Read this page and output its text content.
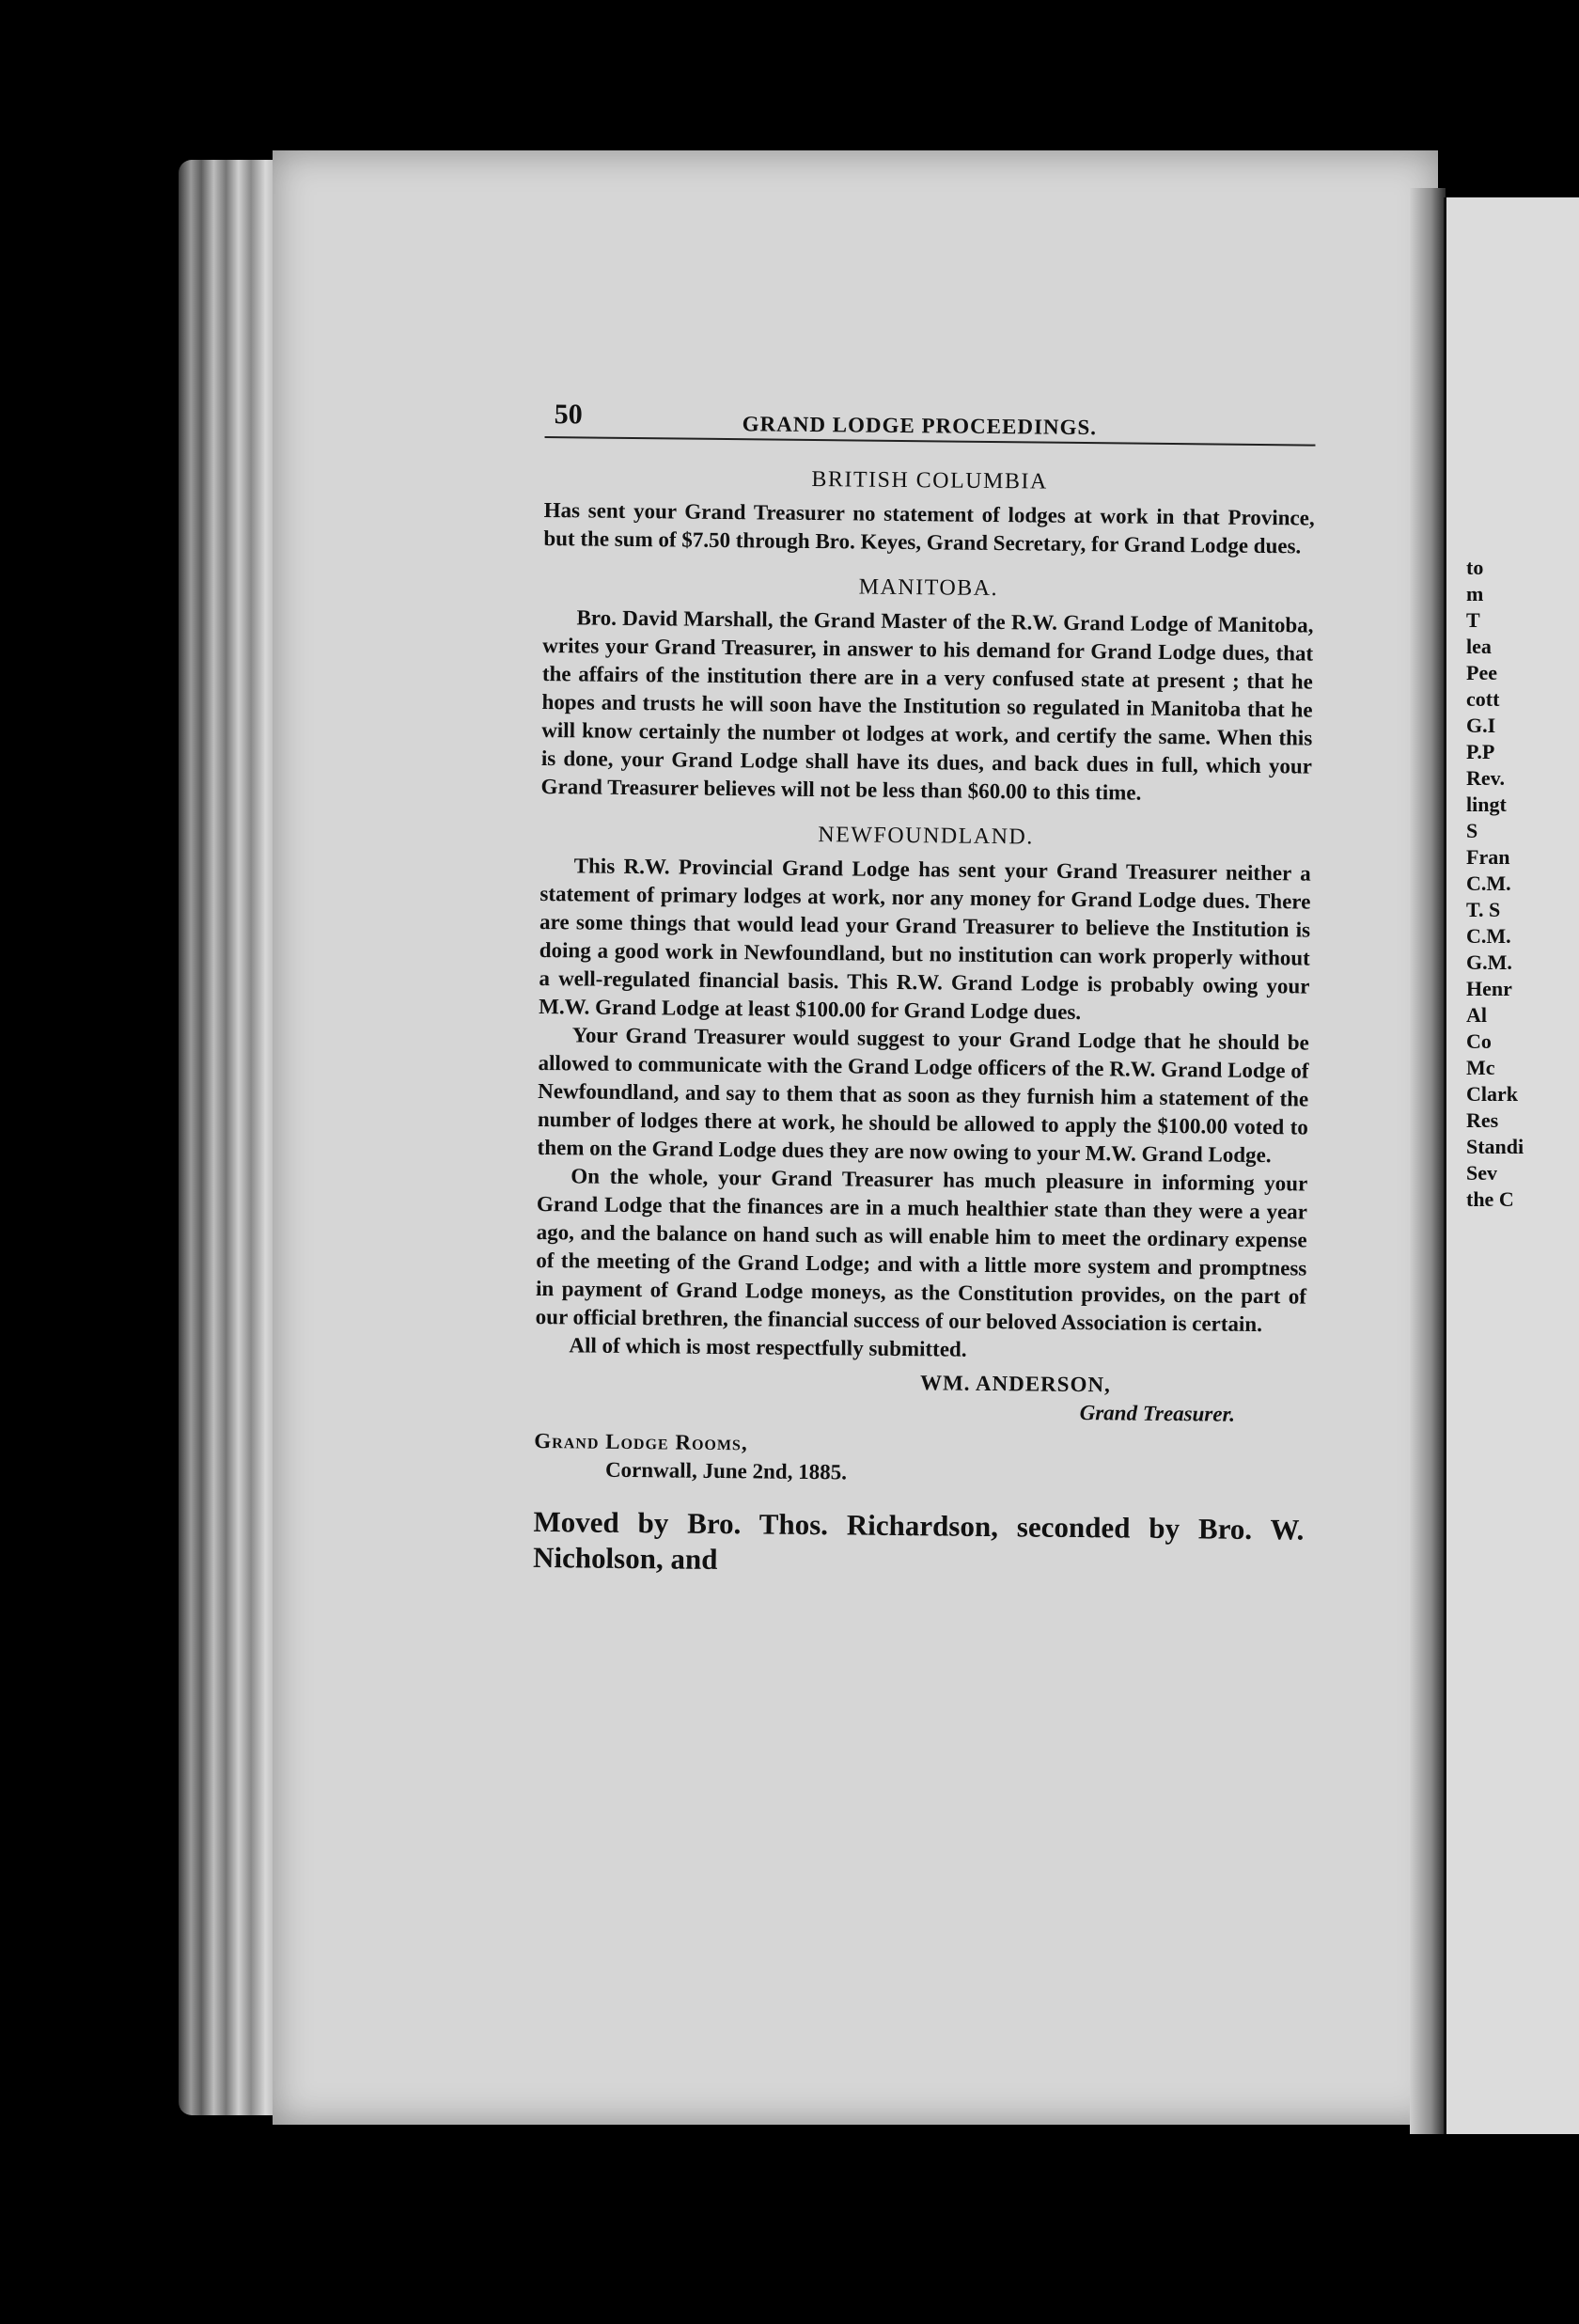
50	GRAND LODGE PROCEEDINGS.
BRITISH COLUMBIA

Has sent your Grand Treasurer no statement of lodges at work in that Province, but the sum of $7.50 through Bro. Keyes, Grand Secretary, for Grand Lodge dues.

MANITOBA.

Bro. David Marshall, the Grand Master of the R.W. Grand Lodge of Manitoba, writes your Grand Treasurer, in answer to his demand for Grand Lodge dues, that the affairs of the institution there are in a very confused state at present ; that he hopes and trusts he will soon have the Institution so regulated in Manitoba that he will know certainly the number ot lodges at work, and certify the same. When this is done, your Grand Lodge shall have its dues, and back dues in full, which your Grand Treasurer believes will not be less than $60.00 to this time.

NEWFOUNDLAND.

This R.W. Provincial Grand Lodge has sent your Grand Treasurer neither a statement of primary lodges at work, nor any money for Grand Lodge dues. There are some things that would lead your Grand Treasurer to believe the Institution is doing a good work in Newfoundland, but no institution can work properly without a well-regulated financial basis. This R.W. Grand Lodge is probably owing your M.W. Grand Lodge at least $100.00 for Grand Lodge dues.

Your Grand Treasurer would suggest to your Grand Lodge that he should be allowed to communicate with the Grand Lodge officers of the R.W. Grand Lodge of Newfoundland, and say to them that as soon as they furnish him a statement of the number of lodges there at work, he should be allowed to apply the $100.00 voted to them on the Grand Lodge dues they are now owing to your M.W. Grand Lodge.

On the whole, your Grand Treasurer has much pleasure in informing your Grand Lodge that the finances are in a much healthier state than they were a year ago, and the balance on hand such as will enable him to meet the ordinary expense of the meeting of the Grand Lodge; and with a little more system and promptness in payment of Grand Lodge moneys, as the Constitution provides, on the part of our official brethren, the financial success of our beloved Association is certain.

All of which is most respectfully submitted.

WM. ANDERSON,
Grand Treasurer.
Grand Lodge Rooms,
Cornwall, June 2nd, 1885.

Moved by Bro. Thos. Richardson, seconded by Bro. W. Nicholson, and

to
m
T
lea
Pee
cott
G.I
P.P
Rev.
lingt
S
Fran
C.M.
T. S
C.M.
G.M.
Henr
Al
Co
Mc
Clark
Res
Standi
Sev
the C
